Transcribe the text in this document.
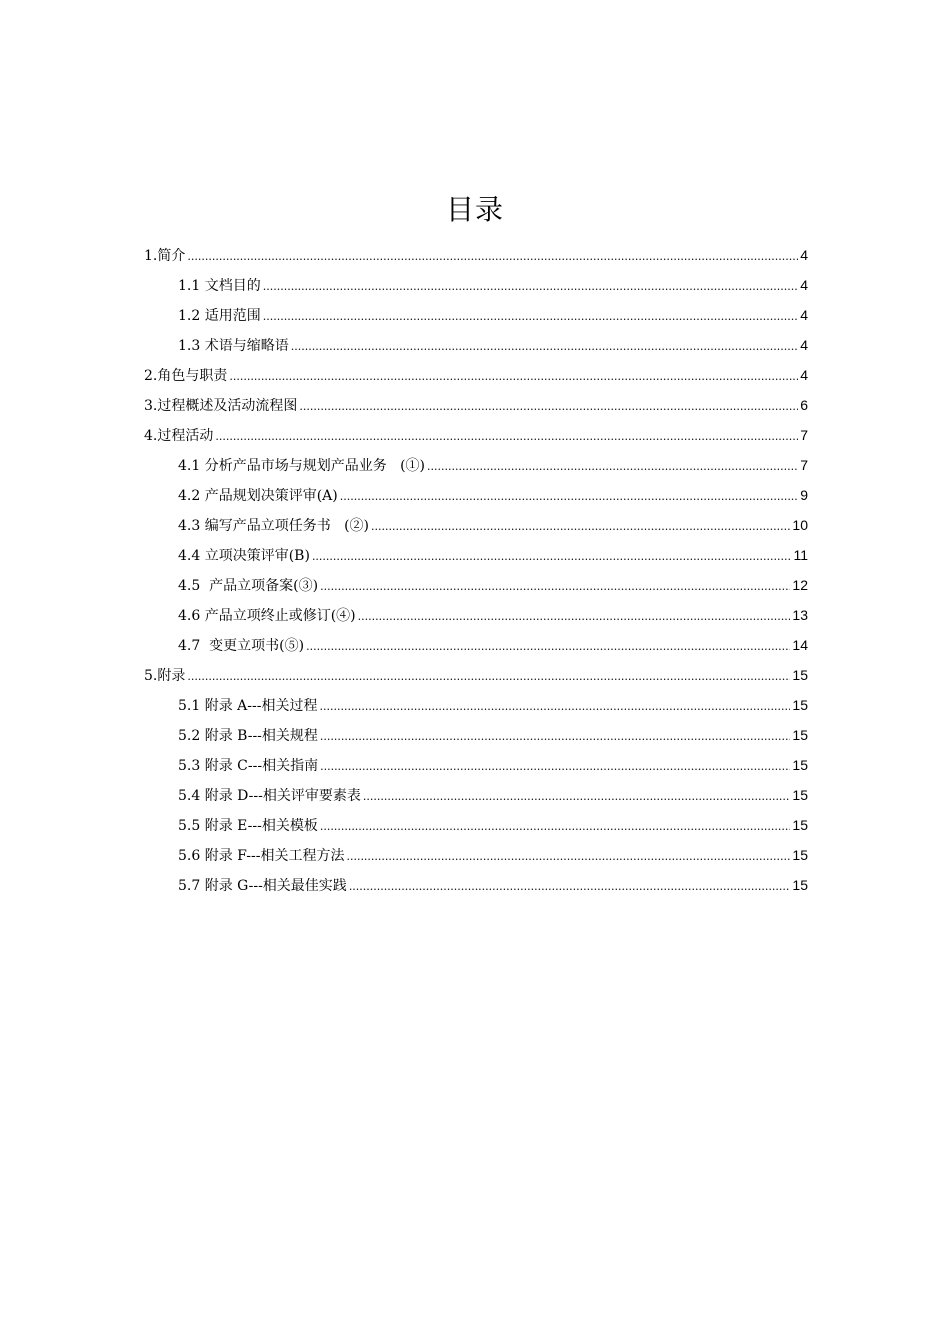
目录
1.简介 .....	4
1.1 文档目的 .....	4
1.2 适用范围 .....	4
1.3 术语与缩略语 .....	4
2.角色与职责 .....	4
3.过程概述及活动流程图 .....	6
4.过程活动 .....	7
4.1 分析产品市场与规划产品业务   (①) .....	7
4.2 产品规划决策评审(A) .....	9
4.3 编写产品立项任务书   (②) .....	10
4.4 立项决策评审(B) .....	11
4.5  产品立项备案(③) .....	12
4.6 产品立项终止或修订(④) .....	13
4.7  变更立项书(⑤) .....	14
5.附录 .....	15
5.1 附录 A---相关过程 .....	15
5.2 附录 B---相关规程 .....	15
5.3 附录 C---相关指南 .....	15
5.4 附录 D---相关评审要素表 .....	15
5.5 附录 E---相关模板 .....	15
5.6 附录 F---相关工程方法 .....	15
5.7 附录 G---相关最佳实践 .....	15
